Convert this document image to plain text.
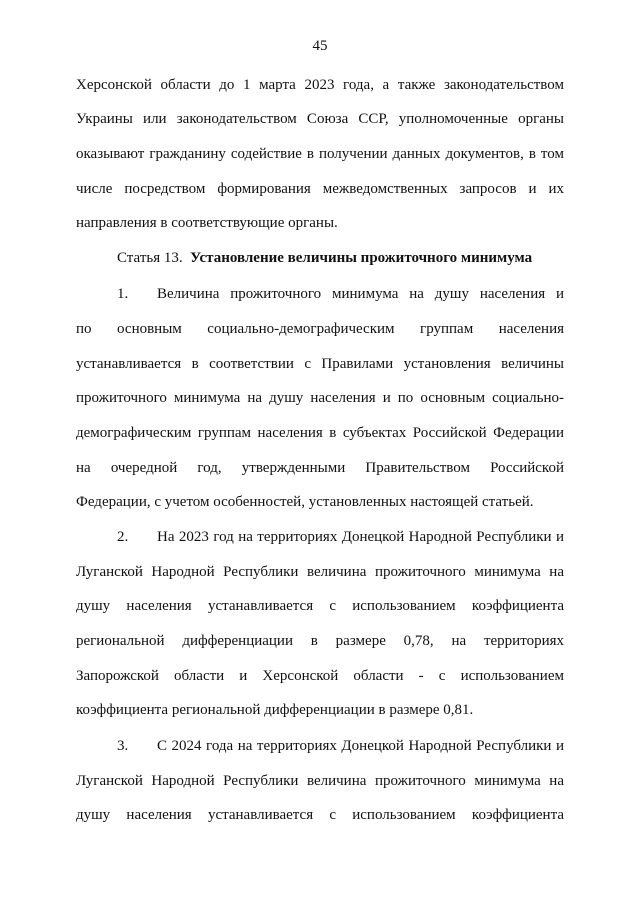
45
Херсонской области до 1 марта 2023 года, а также законодательством
Украины или законодательством Союза ССР, уполномоченные органы
оказывают гражданину содействие в получении данных документов, в том
числе посредством формирования межведомственных запросов и их
направления в соответствующие органы.
Статья 13. Установление величины прожиточного минимума
1. Величина прожиточного минимума на душу населения и
по основным социально-демографическим группам населения
устанавливается в соответствии с Правилами установления величины
прожиточного минимума на душу населения и по основным социально-
демографическим группам населения в субъектах Российской Федерации
на очередной год, утвержденными Правительством Российской
Федерации, с учетом особенностей, установленных настоящей статьей.
2. На 2023 год на территориях Донецкой Народной Республики и
Луганской Народной Республики величина прожиточного минимума на
душу населения устанавливается с использованием коэффициента
региональной дифференциации в размере 0,78, на территориях
Запорожской области и Херсонской области - с использованием
коэффициента региональной дифференциации в размере 0,81.
3. С 2024 года на территориях Донецкой Народной Республики и
Луганской Народной Республики величина прожиточного минимума на
душу населения устанавливается с использованием коэффициента
